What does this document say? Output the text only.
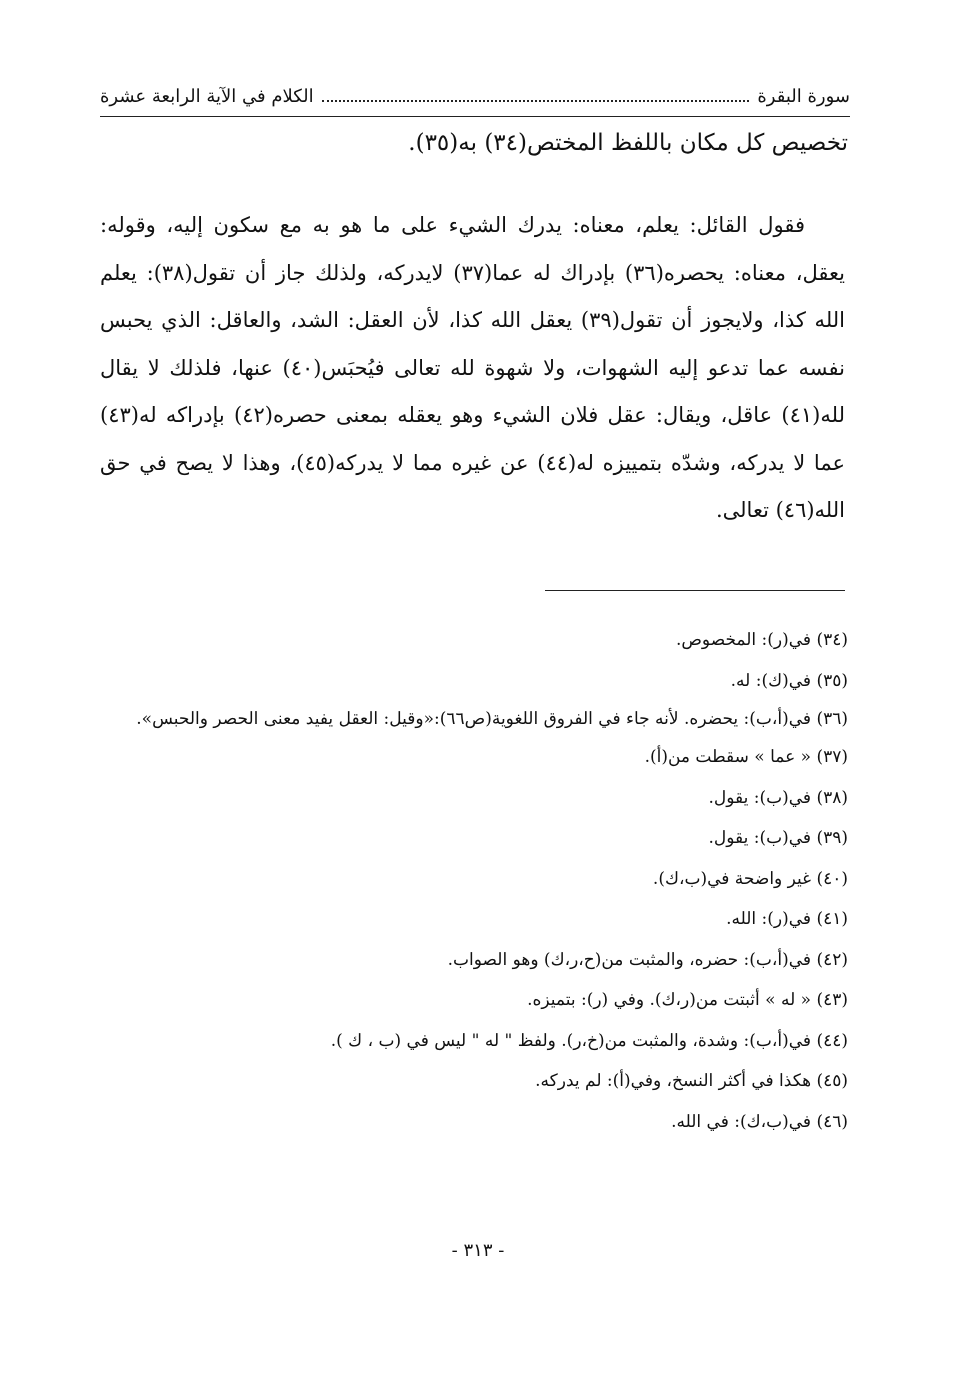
سورة البقرة
الكلام في الآية الرابعة عشرة
تخصيص كل مكان باللفظ المختص(٣٤) به(٣٥).

فقول القائل: يعلم، معناه: يدرك الشيء على ما هو به مع سكون إليه، وقوله: يعقل، معناه: يحصره(٣٦) بإدراك له عما(٣٧) لايدركه، ولذلك جاز أن تقول(٣٨): يعلم الله كذا، ولايجوز أن تقول(٣٩) يعقل الله كذا، لأن العقل: الشد، والعاقل: الذي يحبس نفسه عما تدعو إليه الشهوات، ولا شهوة لله تعالى فيُحبَس(٤٠) عنها، فلذلك لا يقال لله(٤١) عاقل، ويقال: عقل فلان الشيء وهو يعقله بمعنى حصره(٤٢) بإدراكه له(٤٣) عما لا يدركه، وشدّه بتمييزه له(٤٤) عن غيره مما لا يدركه(٤٥)، وهذا لا يصح في حق الله(٤٦) تعالى.

(٣٤) في(ر): المخصوص.
(٣٥) في(ك): له.
(٣٦) في(أ،ب): يحضره. لأنه جاء في الفروق اللغوية(ص٦٦):«وقيل: العقل يفيد معنى الحصر والحبس».
(٣٧) « عما » سقطت من(أ).
(٣٨) في(ب): يقول.
(٣٩) في(ب): يقول.
(٤٠) غير واضحة في(ب،ك).
(٤١) في(ر): الله.
(٤٢) في(أ،ب): حضره، والمثبت من(ح،ر،ك) وهو الصواب.
(٤٣) « له » أثبتت من(ر،ك). وفي (ر): بتميزه.
(٤٤) في(أ،ب): وشدة، والمثبت من(خ،ر). ولفظ " له " ليس في (ب ، ك ).
(٤٥) هكذا في أكثر النسخ، وفي(أ): لم يدركه.
(٤٦) في(ب،ك): في الله.
- ٣١٣ -
